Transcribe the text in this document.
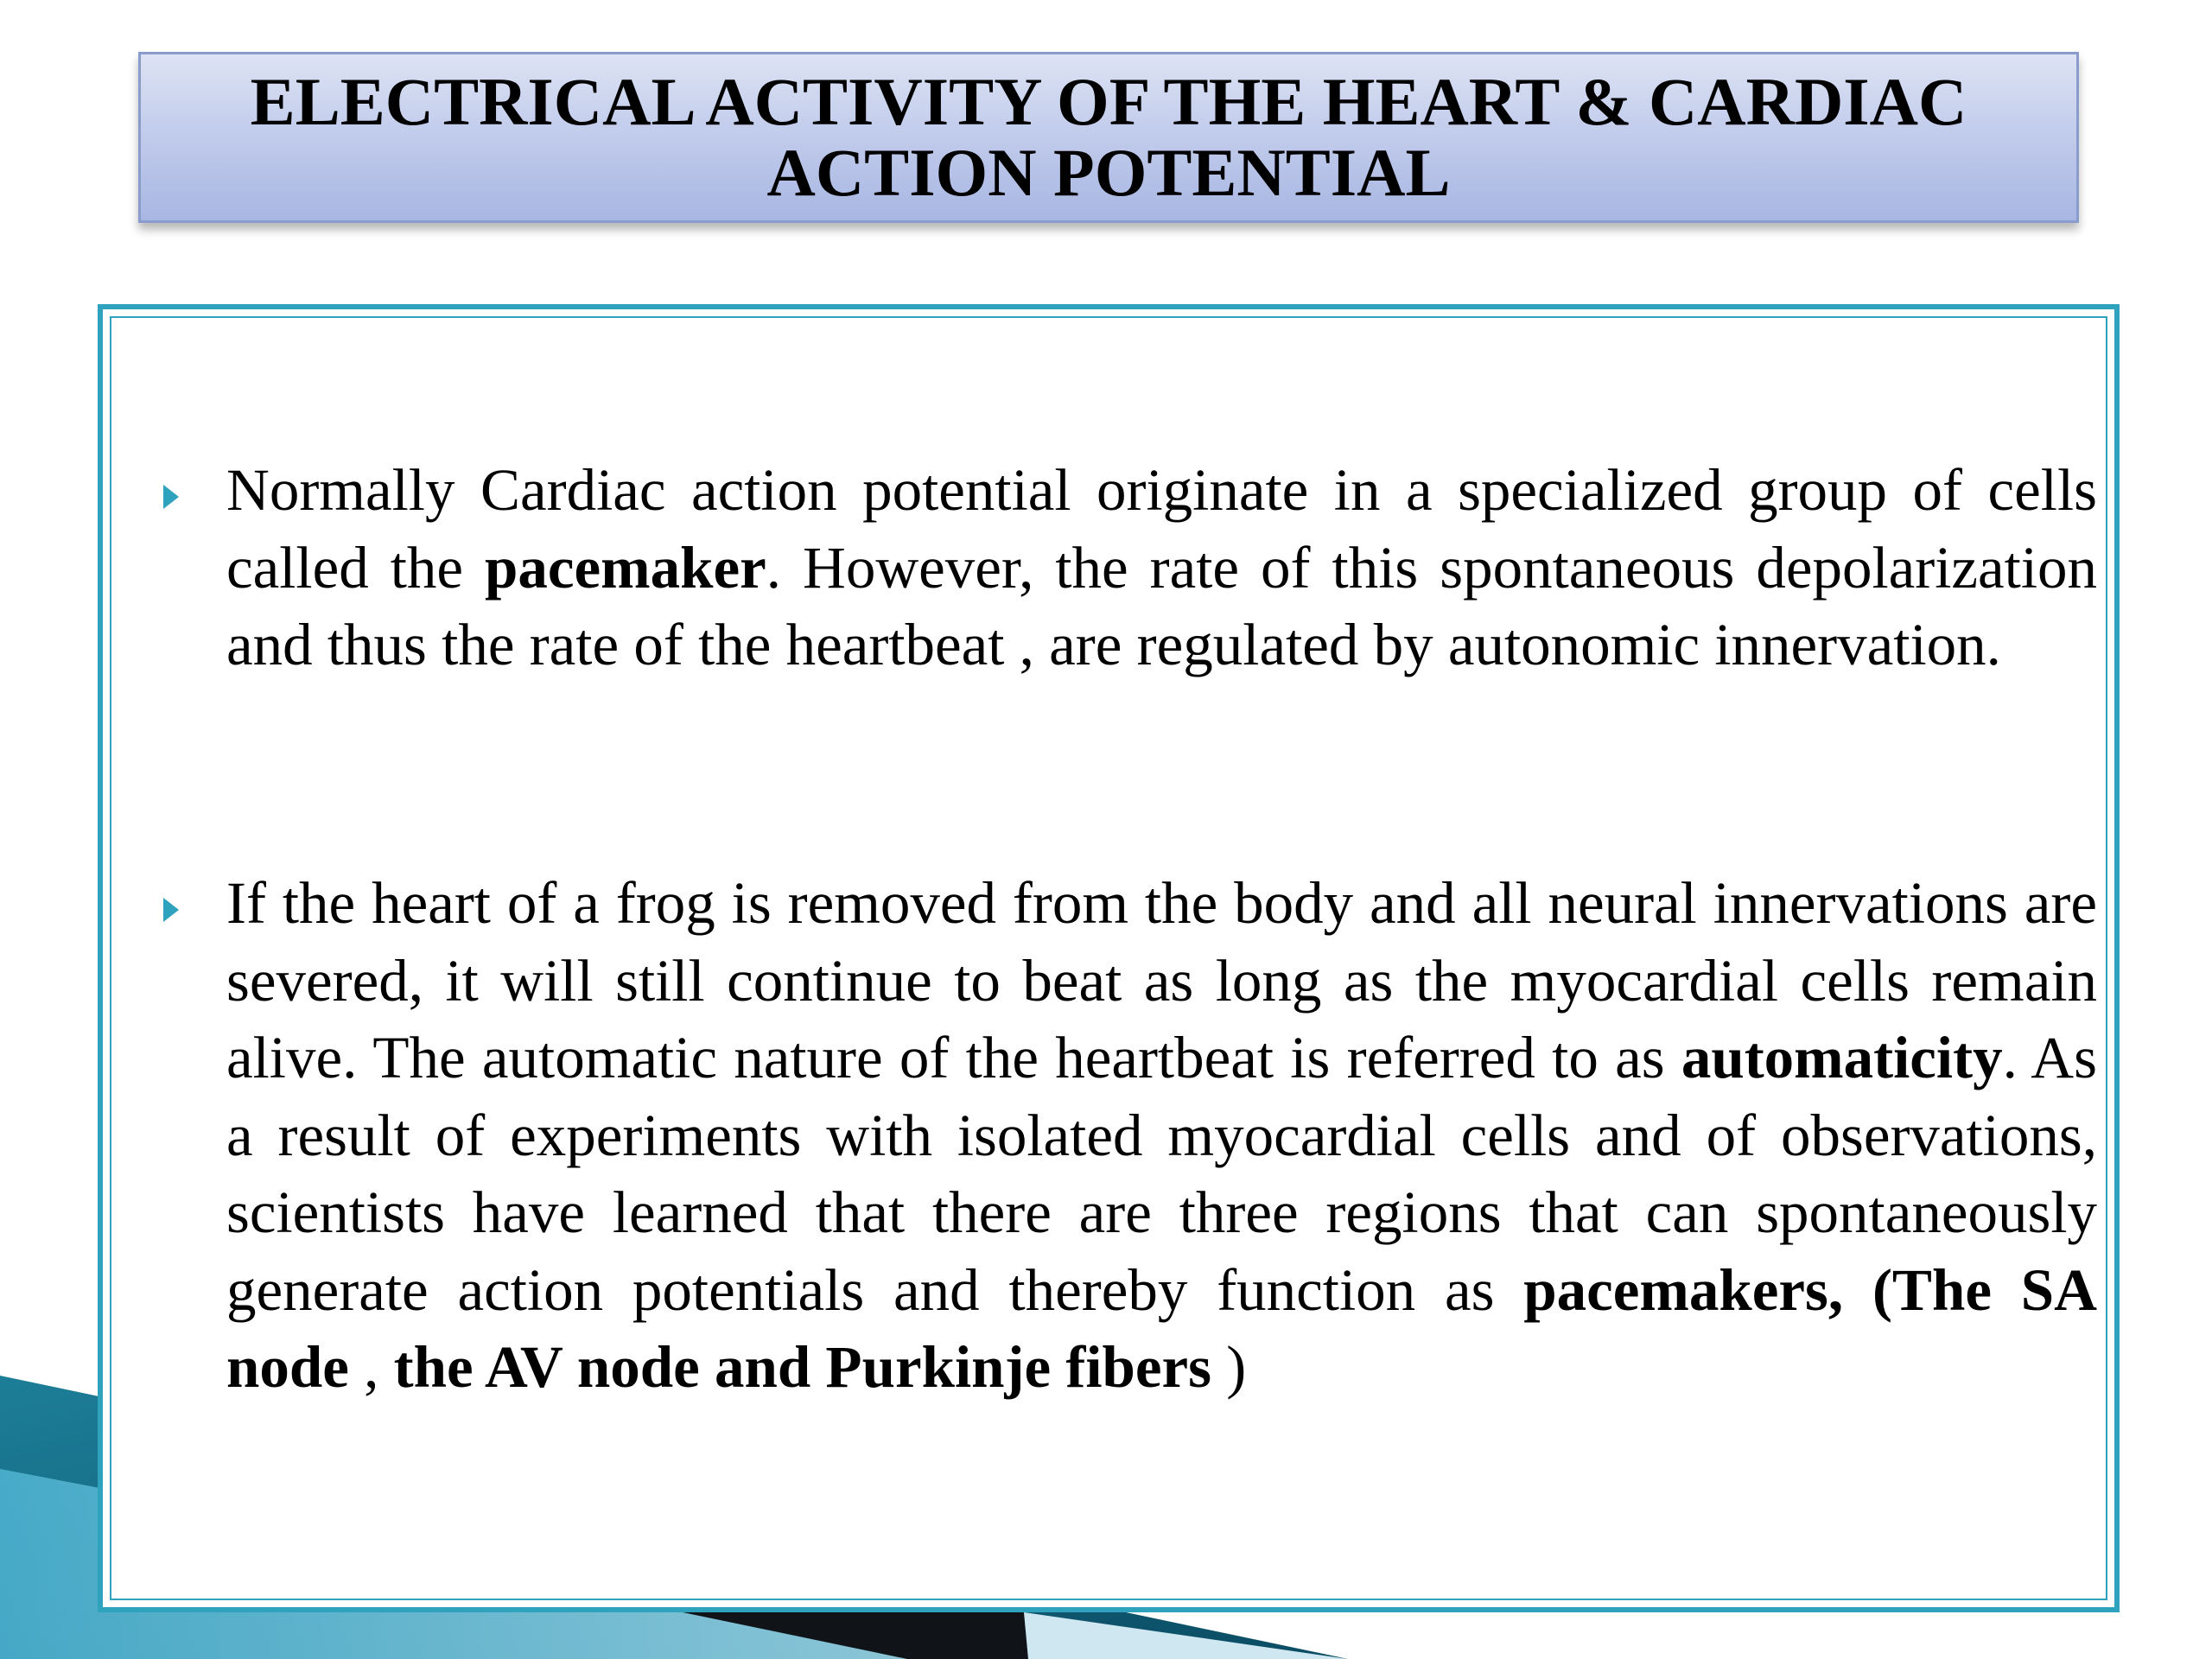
ELECTRICAL ACTIVITY OF THE HEART & CARDIAC ACTION POTENTIAL

Normally Cardiac action potential originate in a specialized group of cells called the pacemaker. However, the rate of this spontaneous depolarization and thus the rate of the heartbeat , are regulated by autonomic innervation.

If the heart of a frog is removed from the body and all neural innervations are severed, it will still continue to beat as long as the myocardial cells remain alive. The automatic nature of the heartbeat is referred to as automaticity. As a result of experiments with isolated myocardial cells and of observations, scientists have learned that there are three regions that can spontaneously generate action potentials and thereby function as pacemakers, (The SA node , the AV node and Purkinje fibers )
